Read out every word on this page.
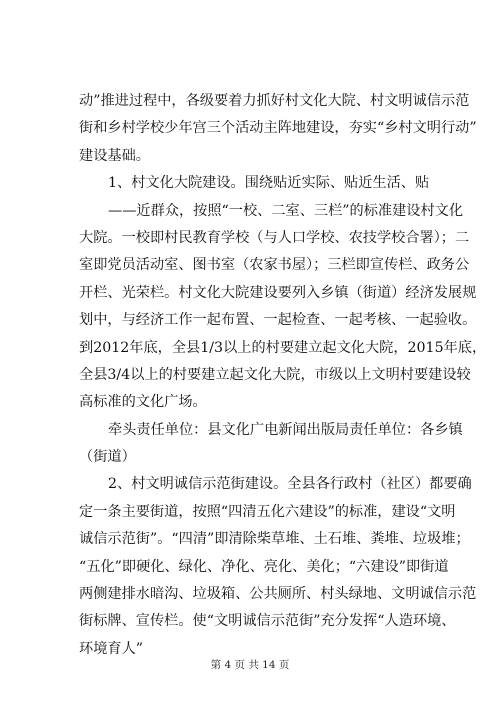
动”推进过程中，各级要着力抓好村文化大院、村文明诚信示范
街和乡村学校少年宫三个活动主阵地建设，夯实“乡村文明行动”
建设基础。
1、村文化大院建设。围绕贴近实际、贴近生活、贴
——近群众，按照“一校、二室、三栏”的标准建设村文化
大院。一校即村民教育学校（与人口学校、农技学校合署）；二
室即党员活动室、图书室（农家书屋）；三栏即宣传栏、政务公
开栏、光荣栏。村文化大院建设要列入乡镇（街道）经济发展规
划中，与经济工作一起布置、一起检查、一起考核、一起验收。
到2012年底，全县1/3以上的村要建立起文化大院，2015年底，
全县3/4以上的村要建立起文化大院，市级以上文明村要建设较
高标准的文化广场。
牵头责任单位：县文化广电新闻出版局责任单位：各乡镇
（街道）
2、村文明诚信示范街建设。全县各行政村（社区）都要确
定一条主要街道，按照“四清五化六建设”的标准，建设“文明
诚信示范街”。“四清”即清除柴草堆、土石堆、粪堆、垃圾堆；
“五化”即硬化、绿化、净化、亮化、美化；“六建设”即街道
两侧建排水暗沟、垃圾箱、公共厕所、村头绿地、文明诚信示范
街标牌、宣传栏。使“文明诚信示范街”充分发挥“人造环境、
环境育人”
第 4 页 共 14 页
